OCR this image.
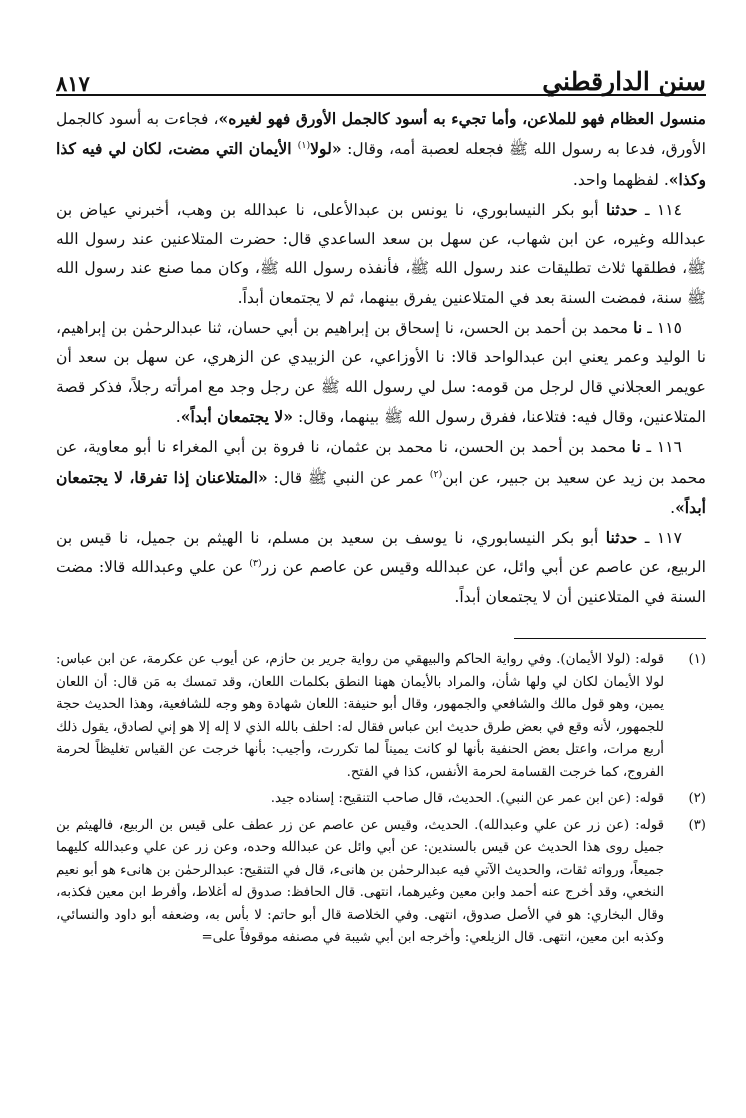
سنن الدارقطني
٨١٧

منسول العظام فهو للملاعن، وأما تجيء به أسود كالجمل الأورق فهو لغيره»، فجاءت به أسود كالجمل الأورق، فدعا به رسول الله ﷺ فجعله لعصبة أمه، وقال: «لولا$^{(١)}$ الأيمان التي مضت، لكان لي فيه كذا وكذا». لفظهما واحد.

١١٤ ـ حدثنا أبو بكر النيسابوري، نا يونس بن عبدالأعلى، نا عبدالله بن وهب، أخبرني عياض بن عبدالله وغيره، عن ابن شهاب، عن سهل بن سعد الساعدي قال: حضرت المتلاعنين عند رسول الله ﷺ، فطلقها ثلاث تطليقات عند رسول الله ﷺ، فأنفذه رسول الله ﷺ، وكان مما صنع عند رسول الله ﷺ سنة، فمضت السنة بعد في المتلاعنين يفرق بينهما، ثم لا يجتمعان أبداً.

١١٥ ـ نا محمد بن أحمد بن الحسن، نا إسحاق بن إبراهيم بن أبي حسان، ثنا عبدالرحمٰن بن إبراهيم، نا الوليد وعمر يعني ابن عبدالواحد قالا: نا الأوزاعي، عن الزبيدي عن الزهري، عن سهل بن سعد أن عويمر العجلاني قال لرجل من قومه: سل لي رسول الله ﷺ عن رجل وجد مع امرأته رجلاً، فذكر قصة المتلاعنين، وقال فيه: فتلاعنا، ففرق رسول الله ﷺ بينهما، وقال: «لا يجتمعان أبداً».

١١٦ ـ نا محمد بن أحمد بن الحسن، نا محمد بن عثمان، نا فروة بن أبي المغراء نا أبو معاوية، عن محمد بن زيد عن سعيد بن جبير، عن ابن$^{(٢)}$ عمر عن النبي ﷺ قال: «المتلاعنان إذا تفرقا، لا يجتمعان أبداً».

١١٧ ـ حدثنا أبو بكر النيسابوري، نا يوسف بن سعيد بن مسلم، نا الهيثم بن جميل، نا قيس بن الربيع، عن عاصم عن أبي وائل، عن عبدالله وقيس عن عاصم عن زر$^{(٣)}$ عن علي وعبدالله قالا: مضت السنة في المتلاعنين أن لا يجتمعان أبداً.

(١)

قوله: (لولا الأيمان). وفي رواية الحاكم والبيهقي من رواية جرير بن حازم، عن أيوب عن عكرمة، عن ابن عباس: لولا الأيمان لكان لي ولها شأن، والمراد بالأيمان ههنا النطق بكلمات اللعان، وقد تمسك به مَن قال: أن اللعان يمين، وهو قول مالك والشافعي والجمهور، وقال أبو حنيفة: اللعان شهادة وهو وجه للشافعية، وهذا الحديث حجة للجمهور، لأنه وقع في بعض طرق حديث ابن عباس فقال له: احلف بالله الذي لا إله إلا هو إني لصادق، يقول ذلك أربع مرات، واعتل بعض الحنفية بأنها لو كانت يميناً لما تكررت، وأجيب: بأنها خرجت عن القياس تغليظاً لحرمة الفروج، كما خرجت القسامة لحرمة الأنفس، كذا في الفتح.

(٢)

قوله: (عن ابن عمر عن النبي). الحديث، قال صاحب التنقيح: إسناده جيد.

(٣)

قوله: (عن زر عن علي وعبدالله). الحديث، وقيس عن عاصم عن زر عطف على قيس بن الربيع، فالهيثم بن جميل روى هذا الحديث عن قيس بالسندين: عن أبي وائل عن عبدالله وحده، وعن زر عن علي وعبدالله كليهما جميعاً، ورواته ثقات، والحديث الآتي فيه عبدالرحمٰن بن هانىء، قال في التنقيح: عبدالرحمٰن بن هانىء هو أبو نعيم النخعي، وقد أخرج عنه أحمد وابن معين وغيرهما، انتهى. قال الحافظ: صدوق له أغلاط، وأفرط ابن معين فكذبه، وقال البخاري: هو في الأصل صدوق، انتهى. وفي الخلاصة قال أبو حاتم: لا بأس به، وضعفه أبو داود والنسائي، وكذبه ابن معين، انتهى. قال الزيلعي: وأخرجه ابن أبي شيبة في مصنفه موقوفاً على=
